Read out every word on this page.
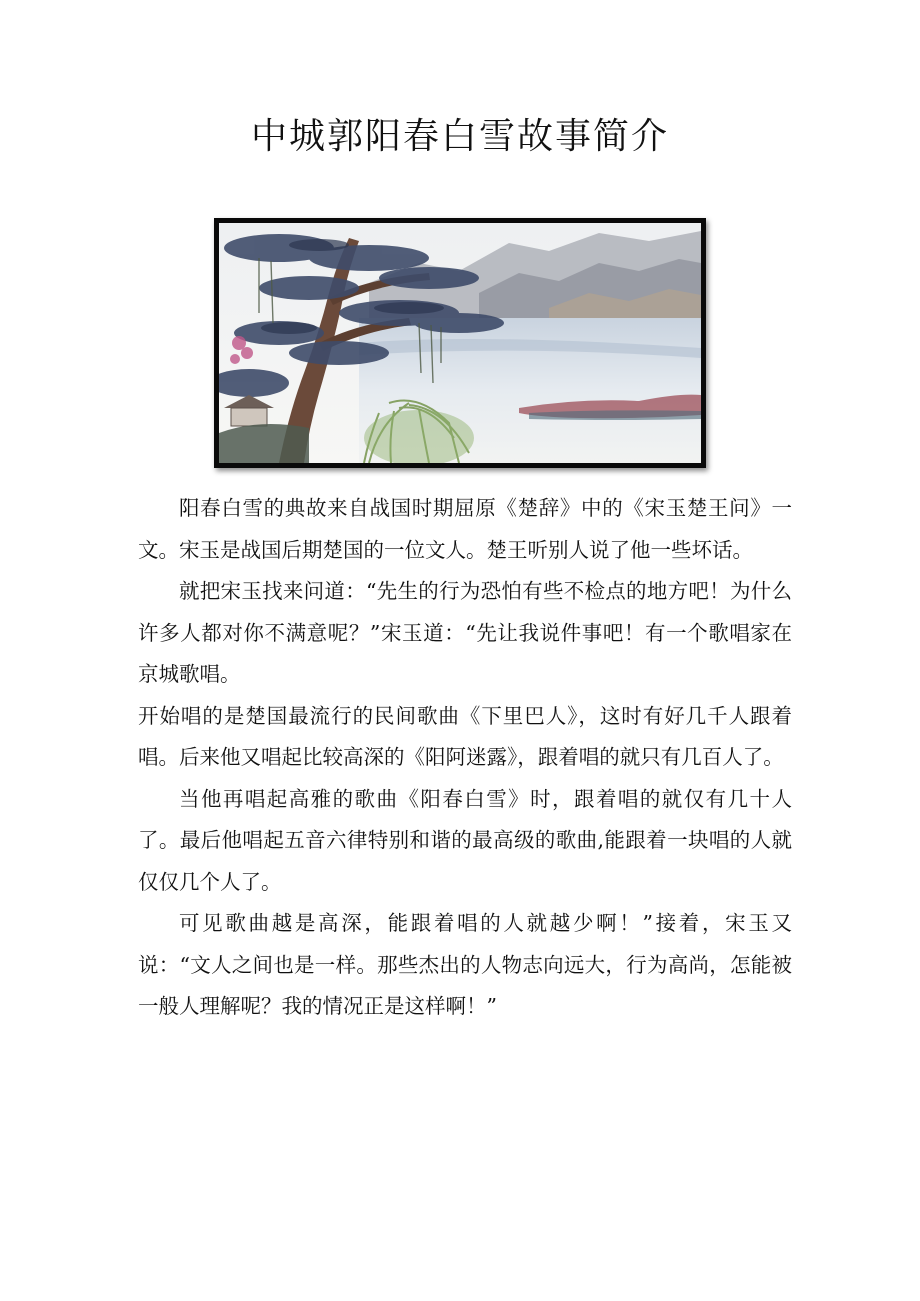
中城郭阳春白雪故事简介

阳春白雪的典故来自战国时期屈原《楚辞》中的《宋玉楚王问》一文。宋玉是战国后期楚国的一位文人。楚王听别人说了他一些坏话。

就把宋玉找来问道：“先生的行为恐怕有些不检点的地方吧！为什么许多人都对你不满意呢？”宋玉道：“先让我说件事吧！有一个歌唱家在京城歌唱。

开始唱的是楚国最流行的民间歌曲《下里巴人》，这时有好几千人跟着唱。后来他又唱起比较高深的《阳阿迷露》，跟着唱的就只有几百人了。

当他再唱起高雅的歌曲《阳春白雪》时，跟着唱的就仅有几十人了。最后他唱起五音六律特别和谐的最高级的歌曲,能跟着一块唱的人就仅仅几个人了。

可见歌曲越是高深，能跟着唱的人就越少啊！”接着，宋玉又说：“文人之间也是一样。那些杰出的人物志向远大，行为高尚，怎能被一般人理解呢？我的情况正是这样啊！”
